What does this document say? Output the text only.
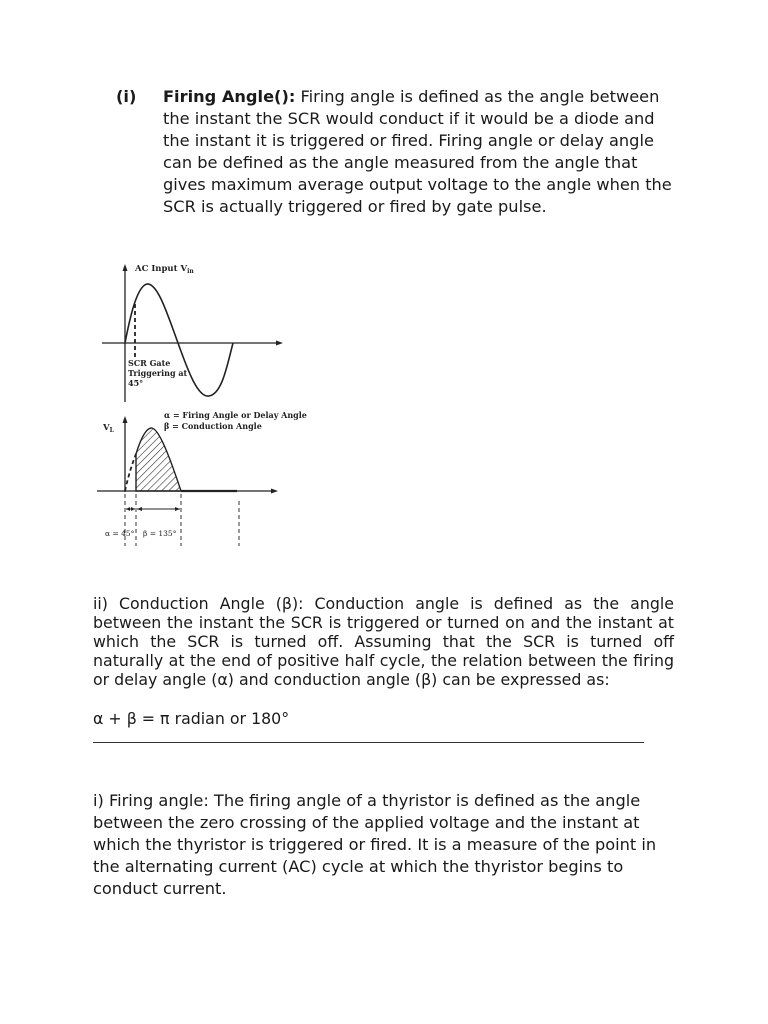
(i) Firing Angle(): Firing angle is defined as the angle between the instant the SCR would conduct if it would be a diode and the instant it is triggered or fired. Firing angle or delay angle can be defined as the angle measured from the angle that gives maximum average output voltage to the angle when the SCR is actually triggered or fired by gate pulse.
AC Input $V_{in}$
SCR Gate
Triggering at
45°
α = Firing Angle or Delay Angle
β = Conduction Angle
$V_L$
α = 45° β = 135°

ii) Conduction Angle (β): Conduction angle is defined as the angle between the instant the SCR is triggered or turned on and the instant at which the SCR is turned off. Assuming that the SCR is turned off naturally at the end of positive half cycle, the relation between the firing or delay angle (α) and conduction angle (β) can be expressed as:

α + β = π radian or 180°

i) Firing angle: The firing angle of a thyristor is defined as the angle between the zero crossing of the applied voltage and the instant at which the thyristor is triggered or fired. It is a measure of the point in the alternating current (AC) cycle at which the thyristor begins to conduct current.
